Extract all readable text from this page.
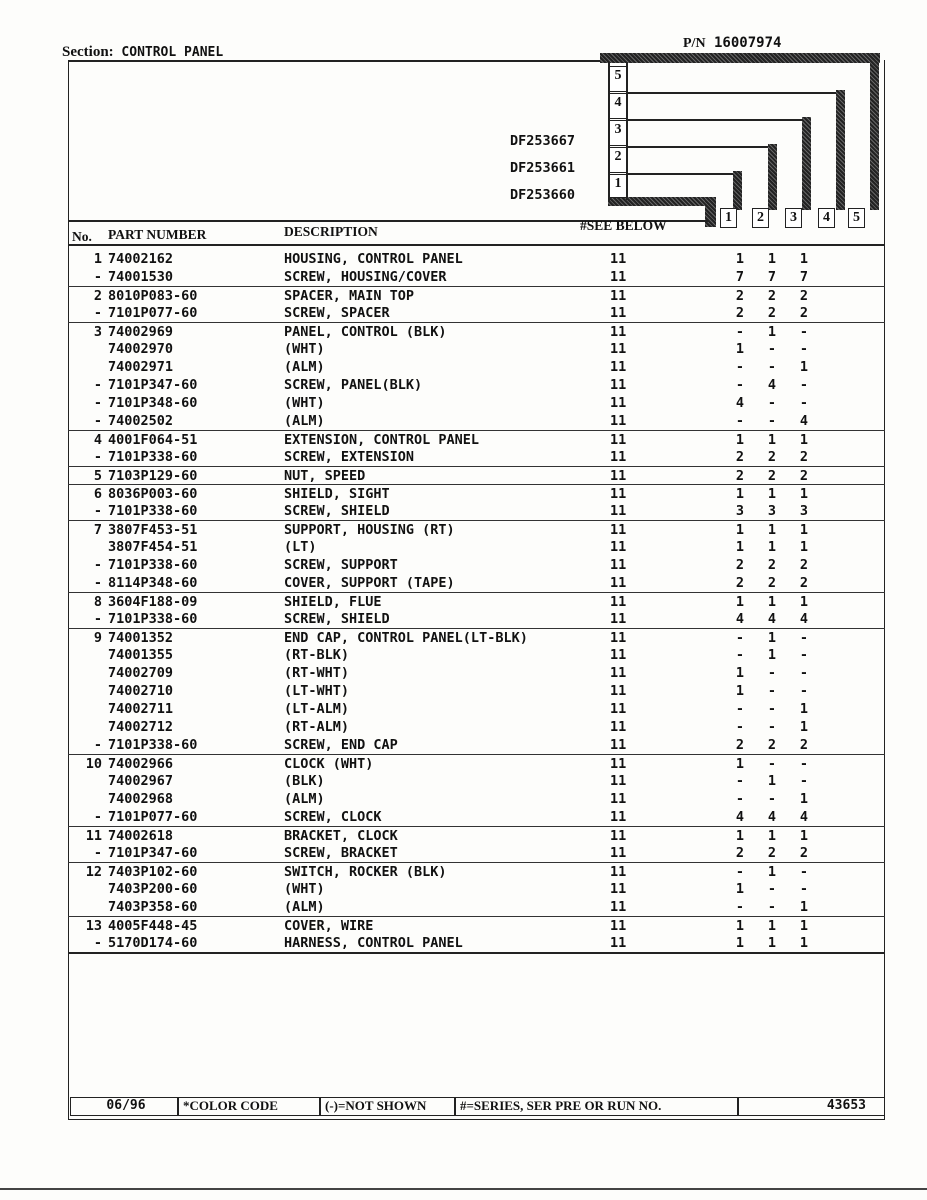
Section: CONTROL PANEL
P/N 16007974
5
4
3
2
1
DF253667
DF253661
DF253660
1	2	3	4	5
No. PART NUMBER	DESCRIPTION	#SEE BELOW
1 74002162	HOUSING, CONTROL PANEL	11	1 1 1
- 74001530	SCREW, HOUSING/COVER	11	7 7 7
2 8010P083-60	SPACER, MAIN TOP	11	2 2 2
- 7101P077-60	SCREW, SPACER	11	2 2 2
3 74002969	PANEL, CONTROL (BLK)	11	- 1 -
74002970	(WHT)	11	1 - -
74002971	(ALM)	11	- - 1
- 7101P347-60	SCREW, PANEL(BLK)	11	- 4 -
- 7101P348-60	(WHT)	11	4 - -
- 74002502	(ALM)	11	- - 4
4 4001F064-51	EXTENSION, CONTROL PANEL	11	1 1 1
- 7101P338-60	SCREW, EXTENSION	11	2 2 2
5 7103P129-60	NUT, SPEED	11	2 2 2
6 8036P003-60	SHIELD, SIGHT	11	1 1 1
- 7101P338-60	SCREW, SHIELD	11	3 3 3
7 3807F453-51	SUPPORT, HOUSING (RT)	11	1 1 1
3807F454-51	(LT)	11	1 1 1
- 7101P338-60	SCREW, SUPPORT	11	2 2 2
- 8114P348-60	COVER, SUPPORT (TAPE)	11	2 2 2
8 3604F188-09	SHIELD, FLUE	11	1 1 1
- 7101P338-60	SCREW, SHIELD	11	4 4 4
9 74001352	END CAP, CONTROL PANEL(LT-BLK)	11	- 1 -
74001355	(RT-BLK)	11	- 1 -
74002709	(RT-WHT)	11	1 - -
74002710	(LT-WHT)	11	1 - -
74002711	(LT-ALM)	11	- - 1
74002712	(RT-ALM)	11	- - 1
- 7101P338-60	SCREW, END CAP	11	2 2 2
10 74002966	CLOCK (WHT)	11	1 - -
74002967	(BLK)	11	- 1 -
74002968	(ALM)	11	- - 1
- 7101P077-60	SCREW, CLOCK	11	4 4 4
11 74002618	BRACKET, CLOCK	11	1 1 1
- 7101P347-60	SCREW, BRACKET	11	2 2 2
12 7403P102-60	SWITCH, ROCKER (BLK)	11	- 1 -
7403P200-60	(WHT)	11	1 - -
7403P358-60	(ALM)	11	- - 1
13 4005F448-45	COVER, WIRE	11	1 1 1
- 5170D174-60	HARNESS, CONTROL PANEL	11	1 1 1
06/96	*COLOR CODE	(-)=NOT SHOWN	#=SERIES, SER PRE OR RUN NO.	43653
